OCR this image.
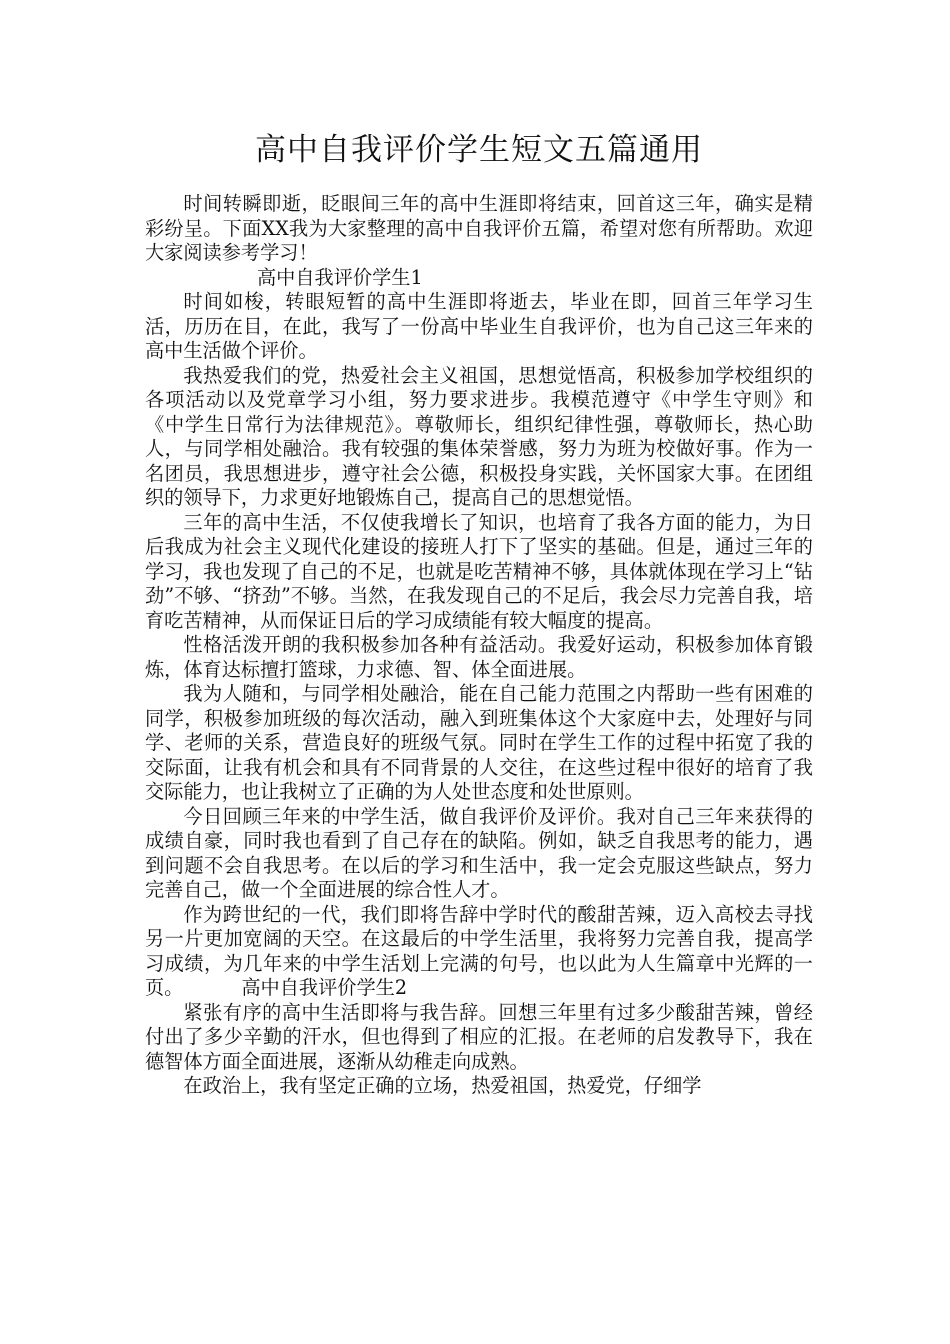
高中自我评价学生短文五篇通用

时间转瞬即逝，眨眼间三年的高中生涯即将结束，回首这三年，确实是精彩纷呈。下面XX我为大家整理的高中自我评价五篇，希望对您有所帮助。欢迎大家阅读参考学习！

高中自我评价学生1

时间如梭，转眼短暂的高中生涯即将逝去，毕业在即，回首三年学习生活，历历在目，在此，我写了一份高中毕业生自我评价，也为自己这三年来的高中生活做个评价。

我热爱我们的党，热爱社会主义祖国，思想觉悟高，积极参加学校组织的各项活动以及党章学习小组，努力要求进步。我模范遵守《中学生守则》和《中学生日常行为法律规范》。尊敬师长，组织纪律性强，尊敬师长，热心助人，与同学相处融洽。我有较强的集体荣誉感，努力为班为校做好事。作为一名团员，我思想进步，遵守社会公德，积极投身实践，关怀国家大事。在团组织的领导下，力求更好地锻炼自己，提高自己的思想觉悟。

三年的高中生活，不仅使我增长了知识，也培育了我各方面的能力，为日后我成为社会主义现代化建设的接班人打下了坚实的基础。但是，通过三年的学习，我也发现了自己的不足，也就是吃苦精神不够，具体就体现在学习上“钻劲”不够、“挤劲”不够。当然，在我发现自己的不足后，我会尽力完善自我，培育吃苦精神，从而保证日后的学习成绩能有较大幅度的提高。

性格活泼开朗的我积极参加各种有益活动。我爱好运动，积极参加体育锻炼，体育达标擅打篮球，力求德、智、体全面进展。

我为人随和，与同学相处融洽，能在自己能力范围之内帮助一些有困难的同学，积极参加班级的每次活动，融入到班集体这个大家庭中去，处理好与同学、老师的关系，营造良好的班级气氛。同时在学生工作的过程中拓宽了我的交际面，让我有机会和具有不同背景的人交往，在这些过程中很好的培育了我交际能力，也让我树立了正确的为人处世态度和处世原则。

今日回顾三年来的中学生活，做自我评价及评价。我对自己三年来获得的成绩自豪，同时我也看到了自己存在的缺陷。例如，缺乏自我思考的能力，遇到问题不会自我思考。在以后的学习和生活中，我一定会克服这些缺点，努力完善自己，做一个全面进展的综合性人才。

作为跨世纪的一代，我们即将告辞中学时代的酸甜苦辣，迈入高校去寻找另一片更加宽阔的天空。在这最后的中学生活里，我将努力完善自我，提高学习成绩，为几年来的中学生活划上完满的句号，也以此为人生篇章中光辉的一页。	高中自我评价学生2

紧张有序的高中生活即将与我告辞。回想三年里有过多少酸甜苦辣，曾经付出了多少辛勤的汗水，但也得到了相应的汇报。在老师的启发教导下，我在德智体方面全面进展，逐渐从幼稚走向成熟。

在政治上，我有坚定正确的立场，热爱祖国，热爱党，仔细学
